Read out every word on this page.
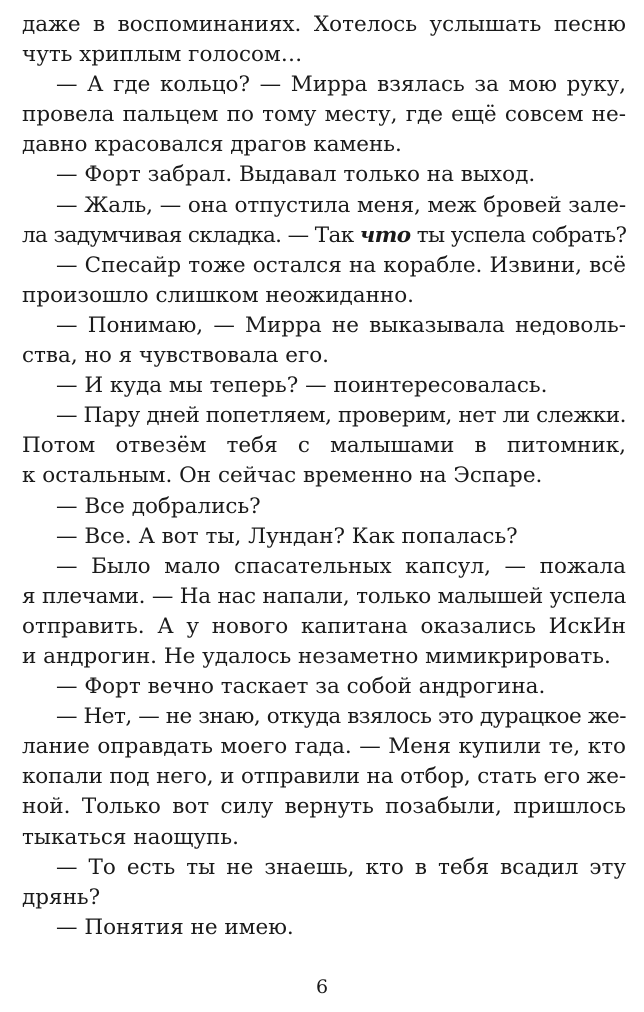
даже в воспоминаниях. Хотелось услышать песню
чуть хриплым голосом…
— А где кольцо? — Мирра взялась за мою руку,
провела пальцем по тому месту, где ещё совсем не-
давно красовался драгов камень.
— Форт забрал. Выдавал только на выход.
— Жаль, — она отпустила меня, меж бровей зале-
ла задумчивая складка. — Так что ты успела собрать?
— Спесайр тоже остался на корабле. Извини, всё
произошло слишком неожиданно.
— Понимаю, — Мирра не выказывала недоволь-
ства, но я чувствовала его.
— И куда мы теперь? — поинтересовалась.
— Пару дней попетляем, проверим, нет ли слежки.
Потом отвезём тебя с малышами в питомник,
к остальным. Он сейчас временно на Эспаре.
— Все добрались?
— Все. А вот ты, Лундан? Как попалась?
— Было мало спасательных капсул, — пожала
я плечами. — На нас напали, только малышей успела
отправить. А у нового капитана оказались ИскИн
и андрогин. Не удалось незаметно мимикрировать.
— Форт вечно таскает за собой андрогина.
— Нет, — не знаю, откуда взялось это дурацкое же-
лание оправдать моего гада. — Меня купили те, кто
копали под него, и отправили на отбор, стать его же-
ной. Только вот силу вернуть позабыли, пришлось
тыкаться наощупь.
— То есть ты не знаешь, кто в тебя всадил эту
дрянь?
— Понятия не имею.
6
